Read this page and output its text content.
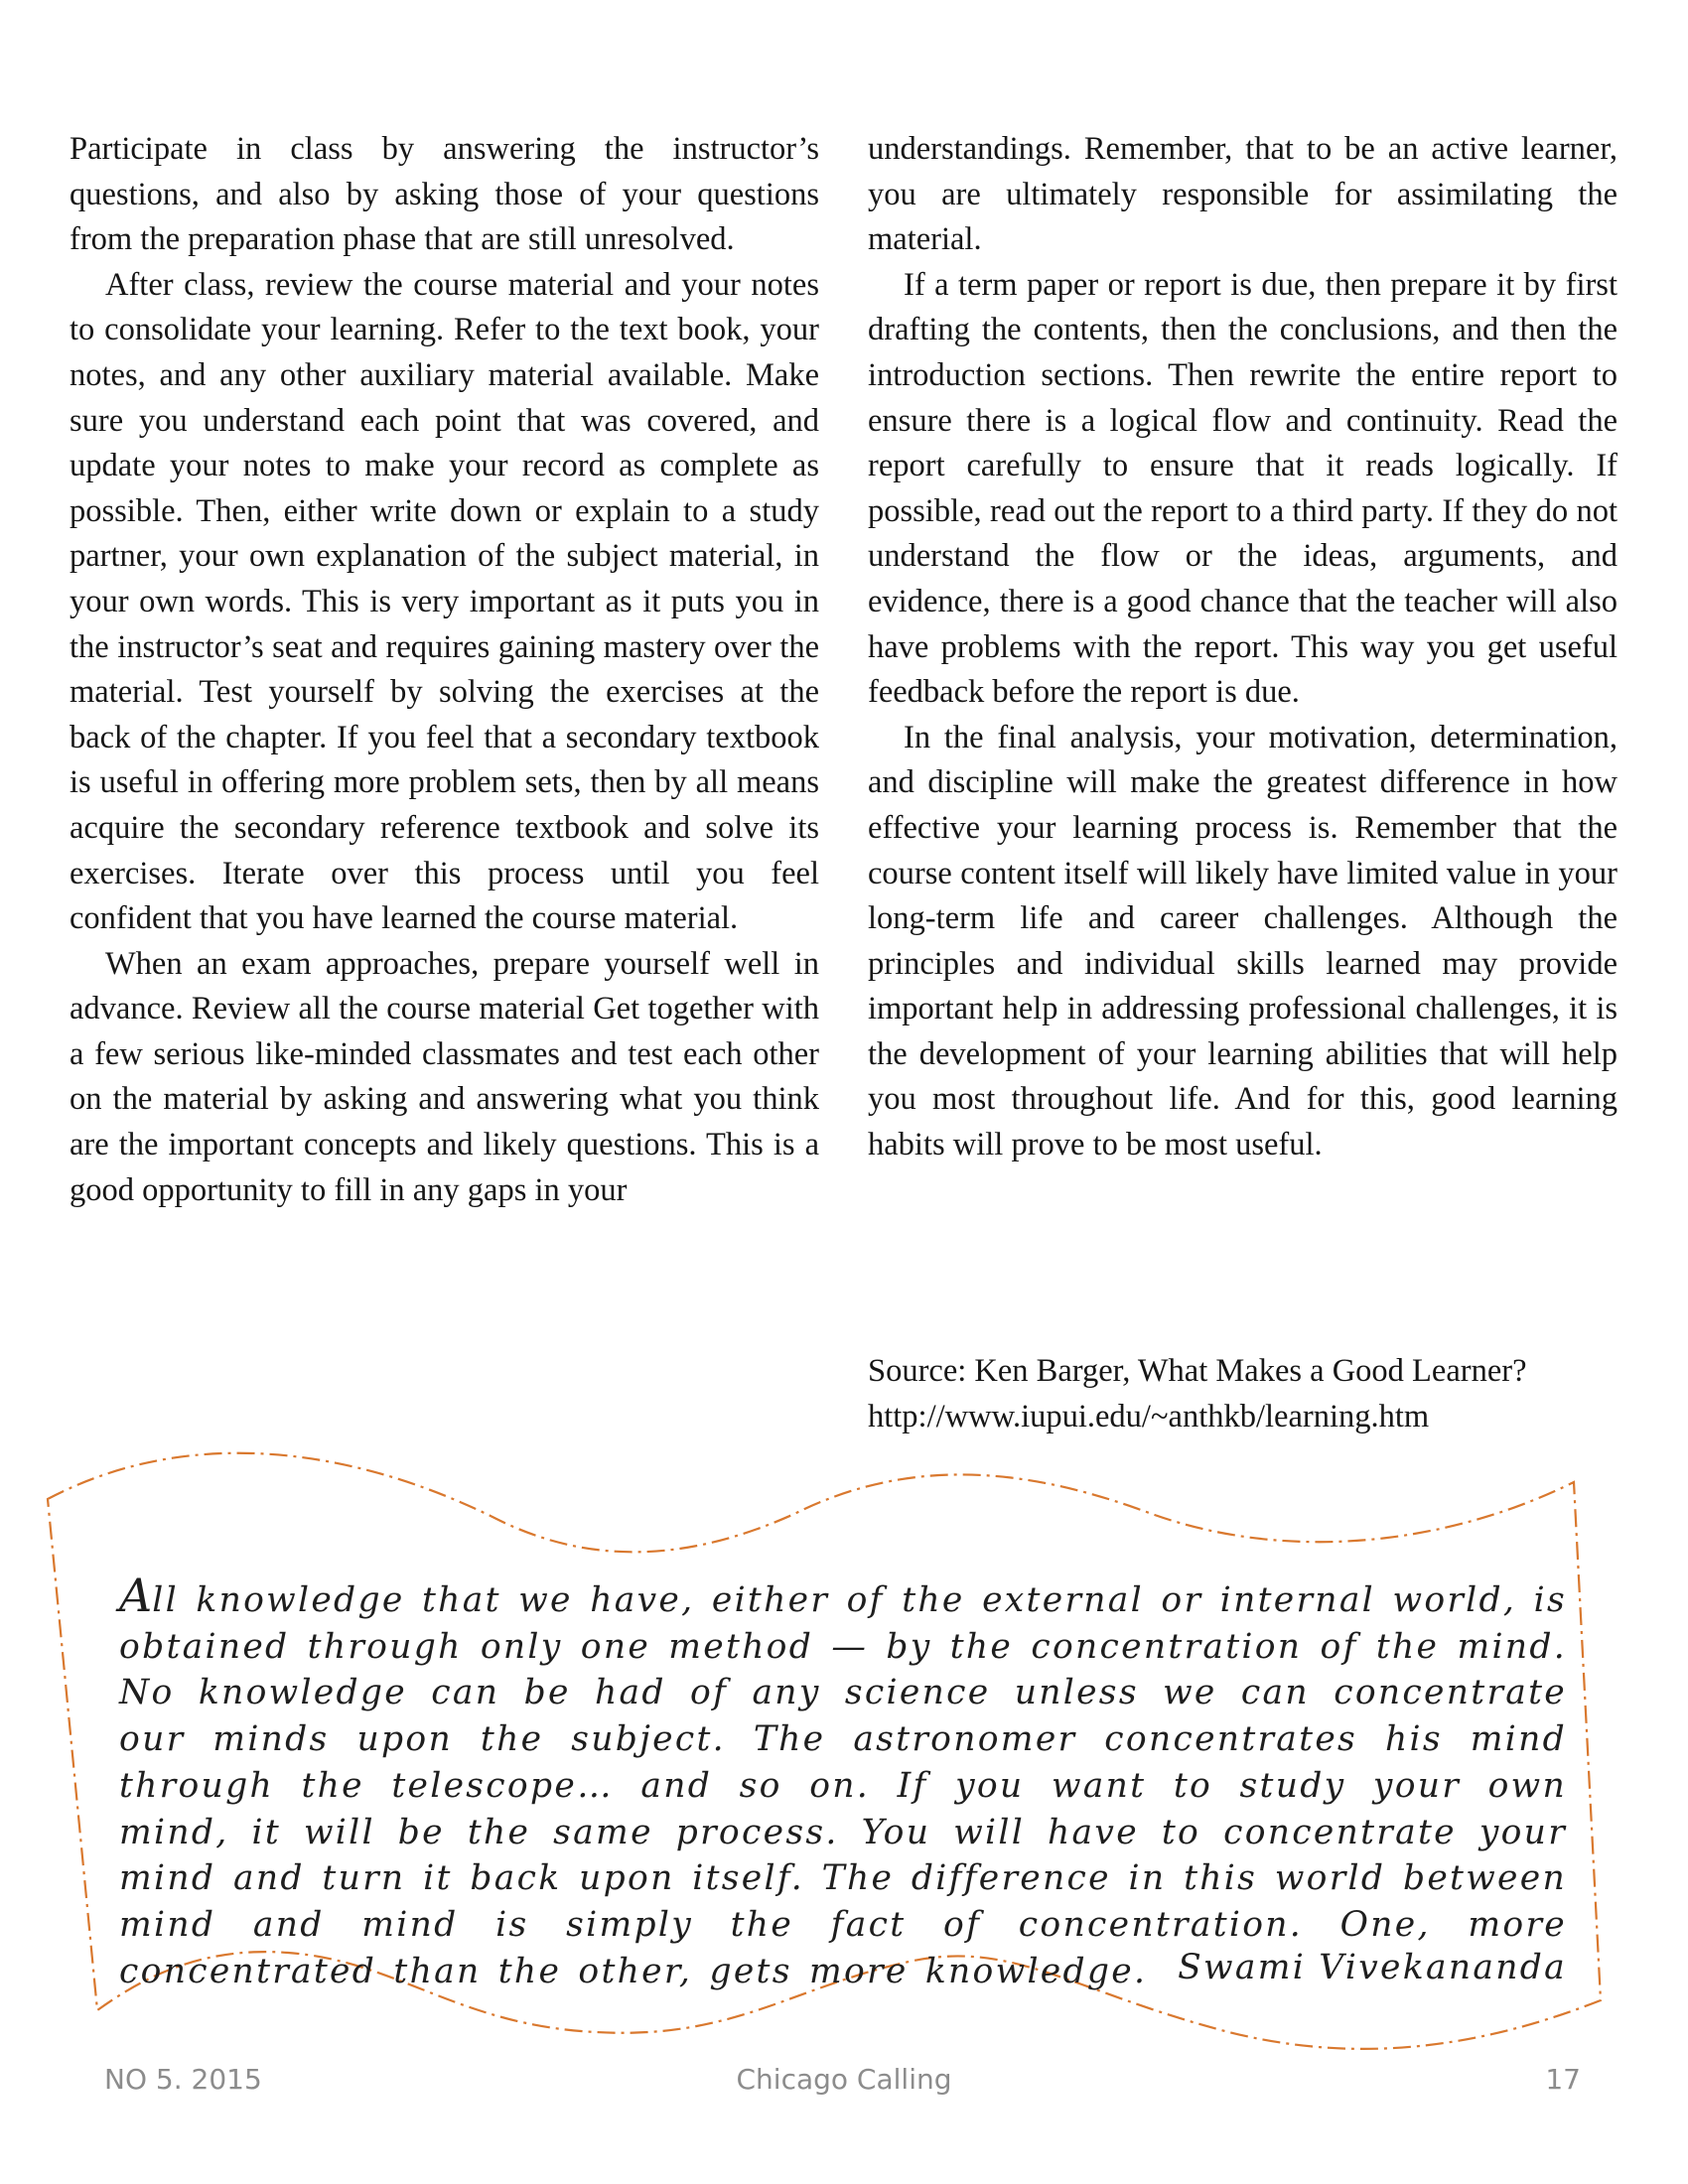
Participate in class by answering the instructor’s questions, and also by asking those of your questions from the preparation phase that are still unresolved.

After class, review the course material and your notes to consolidate your learning. Refer to the text book, your notes, and any other auxiliary material available. Make sure you understand each point that was covered, and update your notes to make your record as complete as possible. Then, either write down or explain to a study partner, your own explanation of the subject material, in your own words. This is very important as it puts you in the instructor’s seat and requires gaining mastery over the material. Test yourself by solving the exercises at the back of the chapter. If you feel that a secondary textbook is useful in offering more problem sets, then by all means acquire the secondary reference textbook and solve its exercises. Iterate over this process until you feel confident that you have learned the course material.

When an exam approaches, prepare yourself well in advance. Review all the course material Get together with a few serious like-minded classmates and test each other on the material by asking and answering what you think are the important concepts and likely questions. This is a good opportunity to fill in any gaps in your

understandings. Remember, that to be an active learner, you are ultimately responsible for assimilating the material.

If a term paper or report is due, then prepare it by first drafting the contents, then the conclusions, and then the introduction sections. Then rewrite the entire report to ensure there is a logical flow and continuity. Read the report carefully to ensure that it reads logically. If possible, read out the report to a third party. If they do not understand the flow or the ideas, arguments, and evidence, there is a good chance that the teacher will also have problems with the report. This way you get useful feedback before the report is due.

In the final analysis, your motivation, determination, and discipline will make the greatest difference in how effective your learning process is. Remember that the course content itself will likely have limited value in your long-term life and career challenges. Although the principles and individual skills learned may provide important help in addressing professional challenges, it is the development of your learning abilities that will help you most throughout life. And for this, good learning habits will prove to be most useful.

Source: Ken Barger, What Makes a Good Learner?
http://www.iupui.edu/~anthkb/learning.htm
All knowledge that we have, either of the external or internal world, is obtained through only one method — by the concentration of the mind. No knowledge can be had of any science unless we can concentrate our minds upon the subject. The astronomer concentrates his mind through the telescope… and so on. If you want to study your own mind, it will be the same process. You will have to concentrate your mind and turn it back upon itself. The difference in this world between mind and mind is simply the fact of concentration. One, more concentrated than the other, gets more knowledge. Swami Vivekananda
NO 5. 2015	Chicago Calling	17
